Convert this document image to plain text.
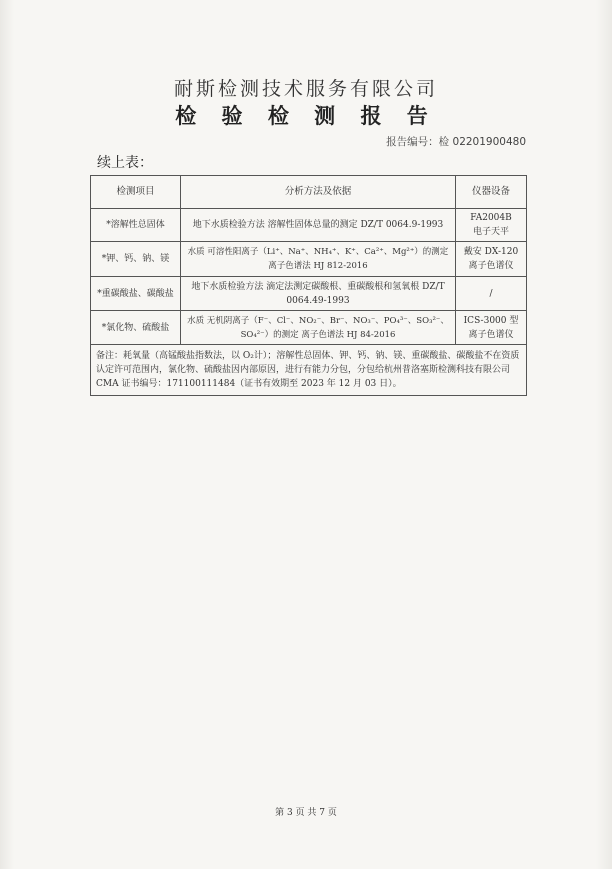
耐斯检测技术服务有限公司
检 验 检 测 报 告
报告编号：检 02201900480
续上表：
检测项目	分析方法及依据	仪器设备
*溶解性总固体	地下水质检验方法 溶解性固体总量的测定 DZ/T 0064.9-1993	FA2004B
电子天平

*钾、钙、钠、镁	水质 可溶性阳离子（Li⁺、Na⁺、NH₄⁺、K⁺、Ca²⁺、Mg²⁺）的测定 离子色谱法 HJ 812-2016	戴安 DX-120
离子色谱仪

*重碳酸盐、碳酸盐	地下水质检验方法 滴定法测定碳酸根、重碳酸根和氢氧根 DZ/T 0064.49-1993	/

*氯化物、硫酸盐	水质 无机阴离子（F⁻、Cl⁻、NO₂⁻、Br⁻、NO₃⁻、PO₄³⁻、SO₃²⁻、SO₄²⁻）的测定 离子色谱法 HJ 84-2016	ICS-3000 型
离子色谱仪

备注：耗氧量（高锰酸盐指数法，以 O₂计）；溶解性总固体、钾、钙、钠、镁、重碳酸盐、碳酸盐不在资质认定许可范围内，氯化物、硫酸盐因内部原因，进行有能力分包，分包给杭州普洛塞斯检测科技有限公司 CMA 证书编号：171100111484（证书有效期至 2023 年 12 月 03 日）。		
第 3 页 共 7 页
